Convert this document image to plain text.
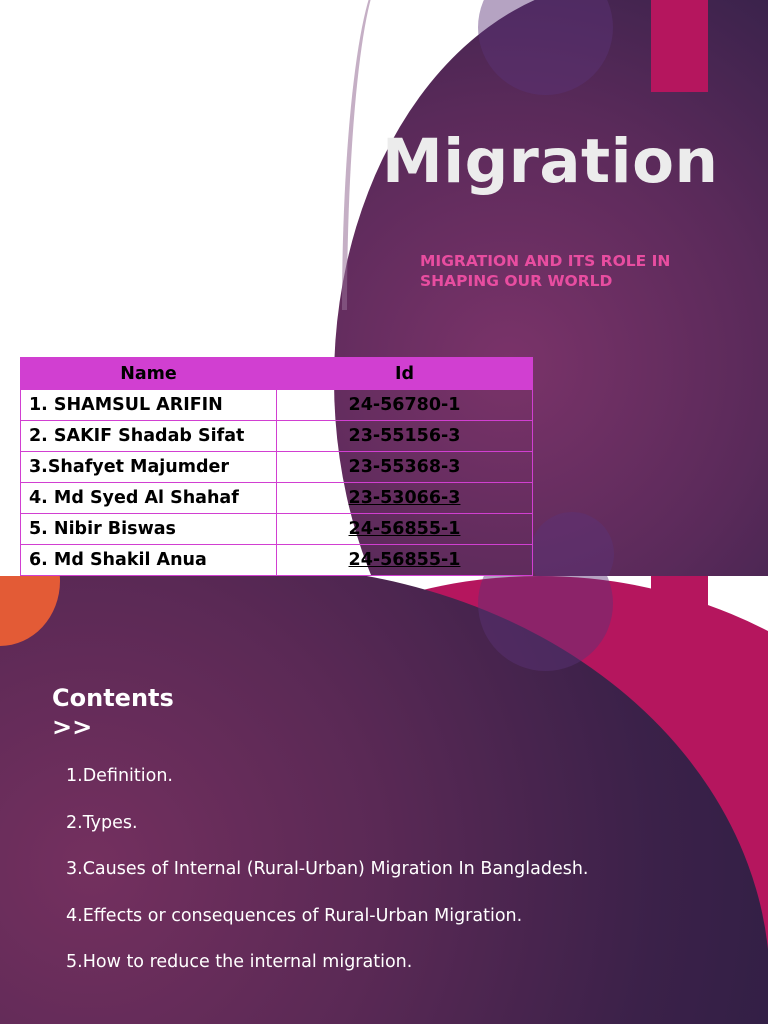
Migration

MIGRATION AND ITS ROLE IN
SHAPING OUR WORLD

Name	Id
1. SHAMSUL ARIFIN	24-56780-1
2. SAKIF Shadab Sifat	23-55156-3
3.Shafyet Majumder	23-55368-3
4. Md Syed Al Shahaf	23-53066-3
5. Nibir Biswas	24-56855-1
6. Md Shakil Anua	24-56855-1
Contents
>>
1.Definition.
2.Types.
3.Causes of Internal (Rural-Urban) Migration In Bangladesh.
4.Effects or consequences of Rural-Urban Migration.
5.How to reduce the internal migration.
